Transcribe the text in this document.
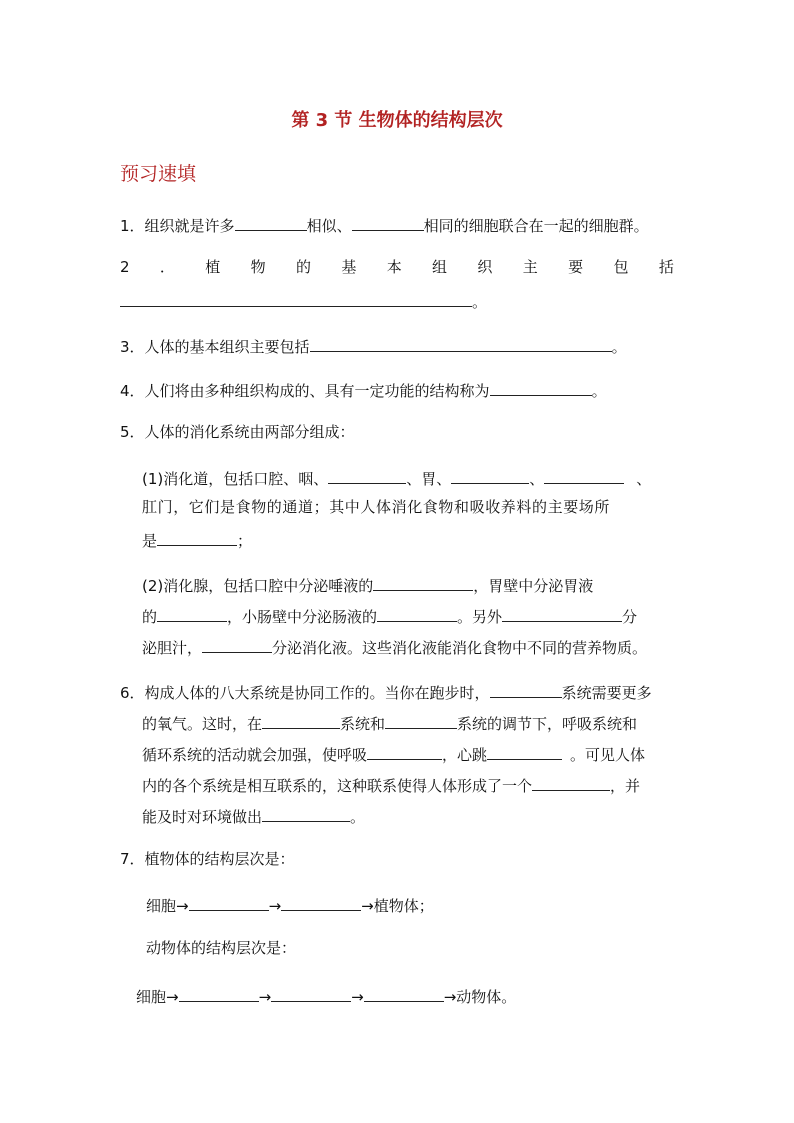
第 3 节 生物体的结构层次
预习速填
1．组织就是许多	相似、	相同的细胞联合在一起的细胞群。
2 ． 植 物 的 基 本 组 织 主 要 包 括
。
3．人体的基本组织主要包括	。
4．人们将由多种组织构成的、具有一定功能的结构称为	。
5．人体的消化系统由两部分组成：
(1)消化道，包括口腔、咽、	、胃、	、	、
肛门，它们是食物的通道；其中人体消化食物和吸收养料的主要场所
是	；
(2)消化腺，包括口腔中分泌唾液的	，胃壁中分泌胃液
的	，小肠壁中分泌肠液的	。另外	分
泌胆汁，	分泌消化液。这些消化液能消化食物中不同的营养物质。
6．构成人体的八大系统是协同工作的。当你在跑步时，	系统需要更多
的氧气。这时，在	系统和	系统的调节下，呼吸系统和
循环系统的活动就会加强，使呼吸	，心跳	。可见人体
内的各个系统是相互联系的，这种联系使得人体形成了一个	，并
能及时对环境做出	。
7．植物体的结构层次是：
细胞→	→	→植物体；
动物体的结构层次是：
细胞→	→	→	→动物体。
